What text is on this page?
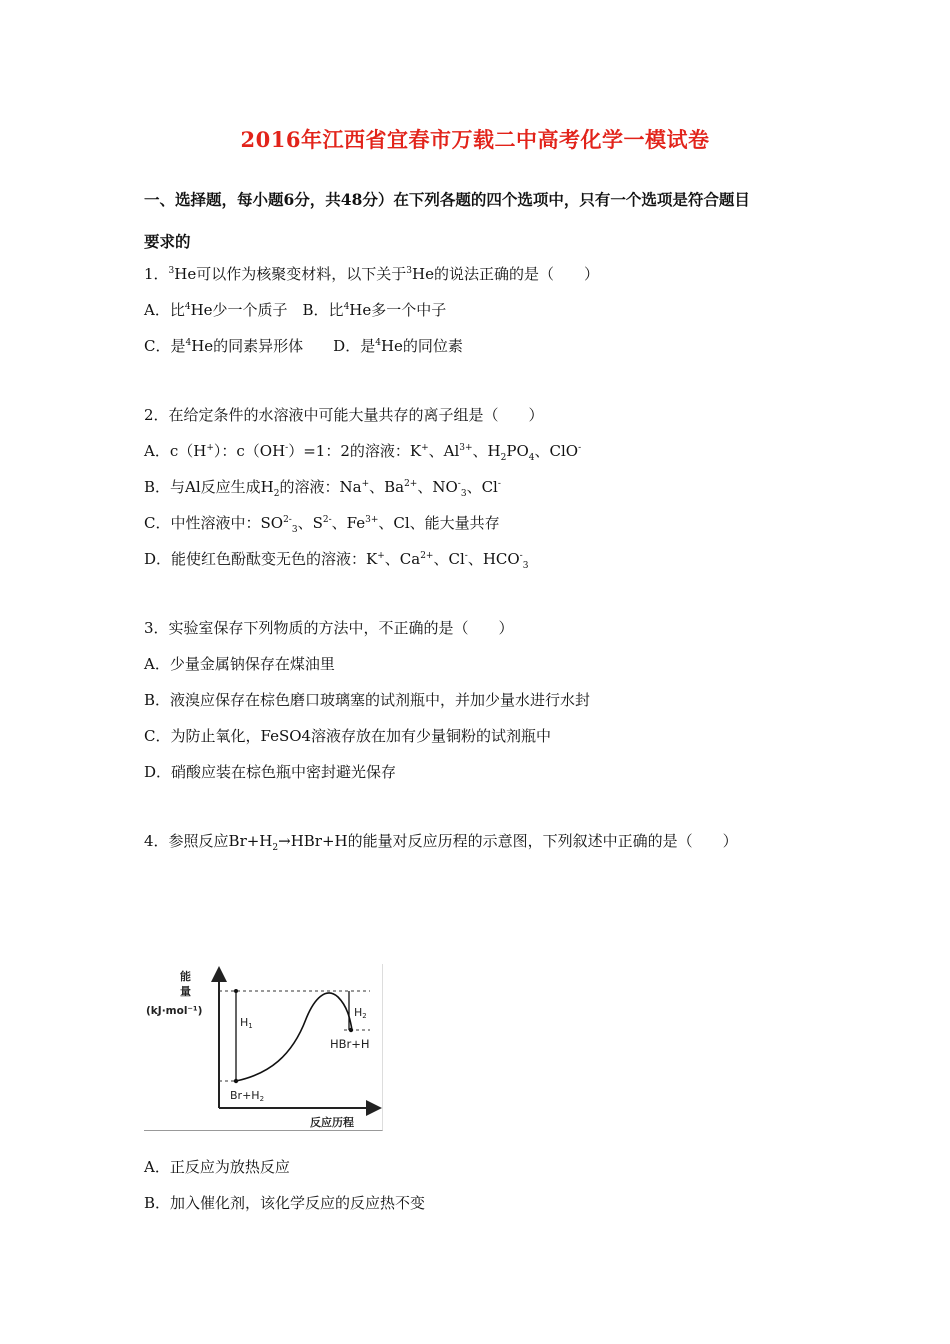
2016年江西省宜春市万载二中高考化学一模试卷
一、选择题，每小题6分，共48分）在下列各题的四个选项中，只有一个选项是符合题目
要求的
1．$^3$He可以作为核聚变材料，以下关于$^3$He的说法正确的是（　　）
A．比$^4$He少一个质子　B．比$^4$He多一个中子
C．是$^4$He的同素异形体　　D．是$^4$He的同位素
2．在给定条件的水溶液中可能大量共存的离子组是（　　）
A．c（H+）：c（OH-）=1：2的溶液：K+、$Al^{3+}$、$H_2PO_4$、ClO-
B．与Al反应生成$H_2$的溶液：Na+、$Ba^{2+}$、$NO^-_3$、Cl-
C．中性溶液中：$SO^{2-}_3$、$S^{2-}$、$Fe^{3+}$、Cl、能大量共存
D．能使红色酚酞变无色的溶液：K+、$Ca^{2+}$、Cl-、$HCO^-_3$
3．实验室保存下列物质的方法中，不正确的是（　　）
A．少量金属钠保存在煤油里
B．液溴应保存在棕色磨口玻璃塞的试剂瓶中，并加少量水进行水封
C．为防止氧化，FeSO4溶液存放在加有少量铜粉的试剂瓶中
D．硝酸应装在棕色瓶中密封避光保存
4．参照反应$Br+H_2\to HBr+H$的能量对反应历程的示意图，下列叙述中正确的是（　　）
能
量
(kJ·mol⁻¹)
H1
H2
HBr+H
Br+H2
反应历程
A．正反应为放热反应
B．加入催化剂，该化学反应的反应热不变
